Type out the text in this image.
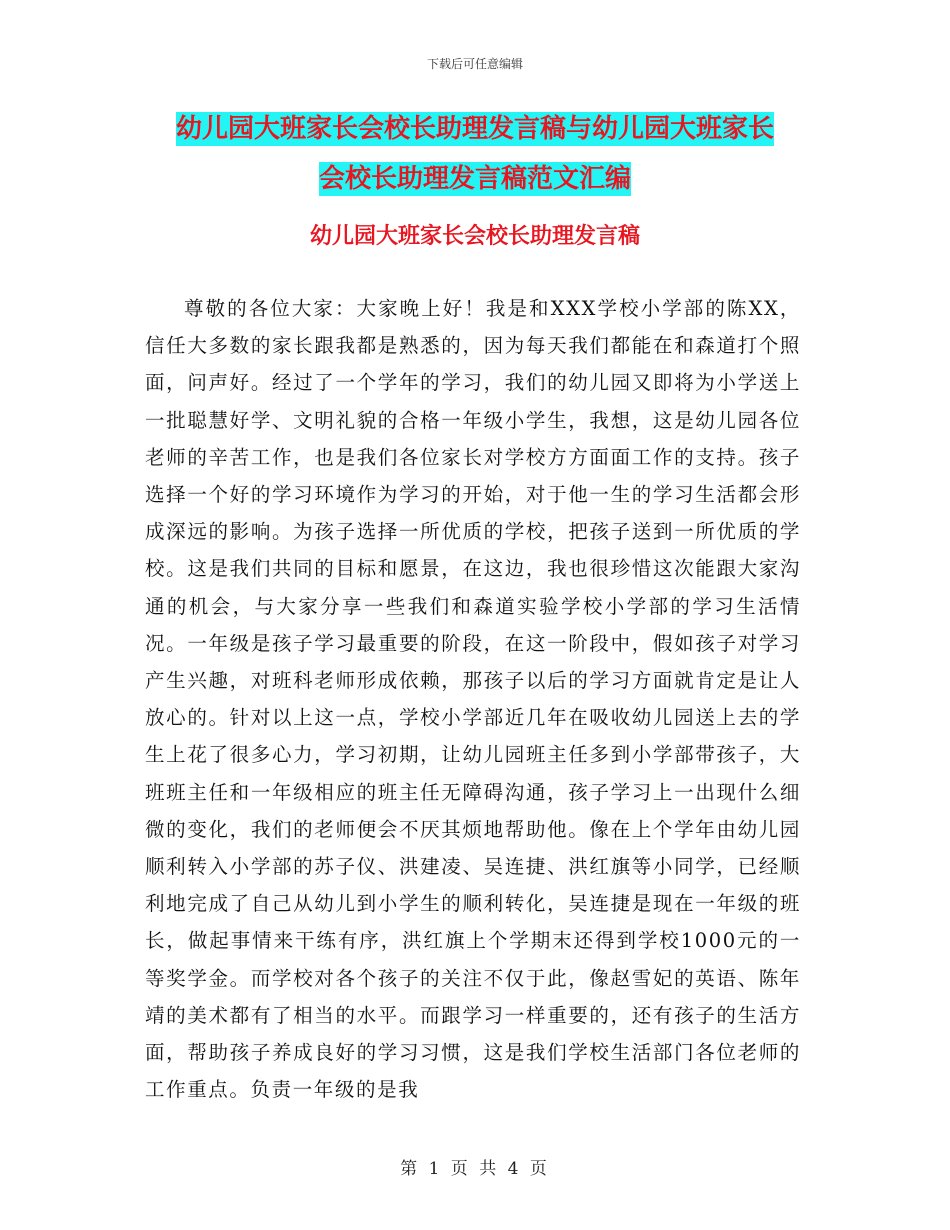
下载后可任意编辑
幼儿园大班家长会校长助理发言稿与幼儿园大班家长
会校长助理发言稿范文汇编
幼儿园大班家长会校长助理发言稿

尊敬的各位大家：大家晚上好！我是和XXX学校小学部的陈XX，信任大多数的家长跟我都是熟悉的，因为每天我们都能在和森道打个照面，问声好。经过了一个学年的学习，我们的幼儿园又即将为小学送上一批聪慧好学、文明礼貌的合格一年级小学生，我想，这是幼儿园各位老师的辛苦工作，也是我们各位家长对学校方方面面工作的支持。孩子选择一个好的学习环境作为学习的开始，对于他一生的学习生活都会形成深远的影响。为孩子选择一所优质的学校，把孩子送到一所优质的学校。这是我们共同的目标和愿景，在这边，我也很珍惜这次能跟大家沟通的机会，与大家分享一些我们和森道实验学校小学部的学习生活情况。一年级是孩子学习最重要的阶段，在这一阶段中，假如孩子对学习产生兴趣，对班科老师形成依赖，那孩子以后的学习方面就肯定是让人放心的。针对以上这一点，学校小学部近几年在吸收幼儿园送上去的学生上花了很多心力，学习初期，让幼儿园班主任多到小学部带孩子，大班班主任和一年级相应的班主任无障碍沟通，孩子学习上一出现什么细微的变化，我们的老师便会不厌其烦地帮助他。像在上个学年由幼儿园顺利转入小学部的苏子仪、洪建凌、吴连捷、洪红旗等小同学，已经顺利地完成了自己从幼儿到小学生的顺利转化，吴连捷是现在一年级的班长，做起事情来干练有序，洪红旗上个学期末还得到学校1000元的一等奖学金。而学校对各个孩子的关注不仅于此，像赵雪妃的英语、陈年靖的美术都有了相当的水平。而跟学习一样重要的，还有孩子的生活方面，帮助孩子养成良好的学习习惯，这是我们学校生活部门各位老师的工作重点。负责一年级的是我

第 1 页 共 4 页
